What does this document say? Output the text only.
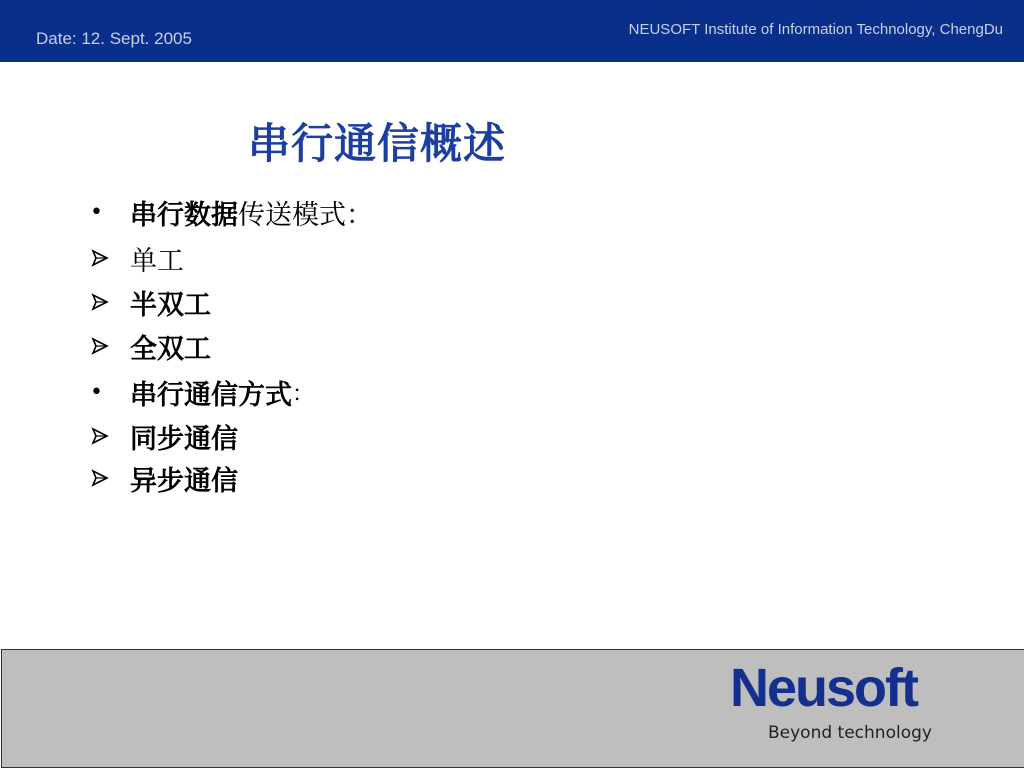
Date: 12. Sept. 2005	NEUSOFT Institute of Information Technology, ChengDu
串行通信概述
•	串行数据 传送模式：
单工
半双工
全双工
•	串行通信方式 ：
同步通信
异步通信
Neusoft
Beyond technology
